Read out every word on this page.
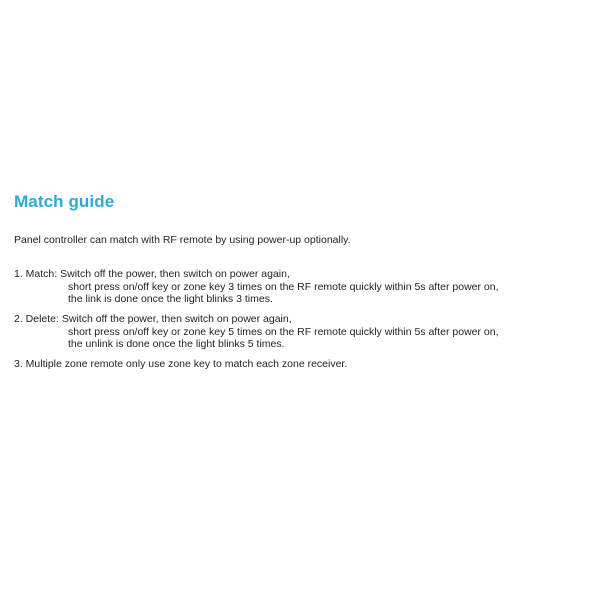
Match guide

Panel controller can match with RF remote by using power-up optionally.

1. Match: Switch off the power, then switch on power again,
short press on/off key or zone key 3 times on the RF remote quickly within 5s after power on,
the link is done once the light blinks 3 times.
2. Delete: Switch off the power, then switch on power again,
short press on/off key or zone key 5 times on the RF remote quickly within 5s after power on,
the unlink is done once the light blinks 5 times.
3. Multiple zone remote only use zone key to match each zone receiver.
